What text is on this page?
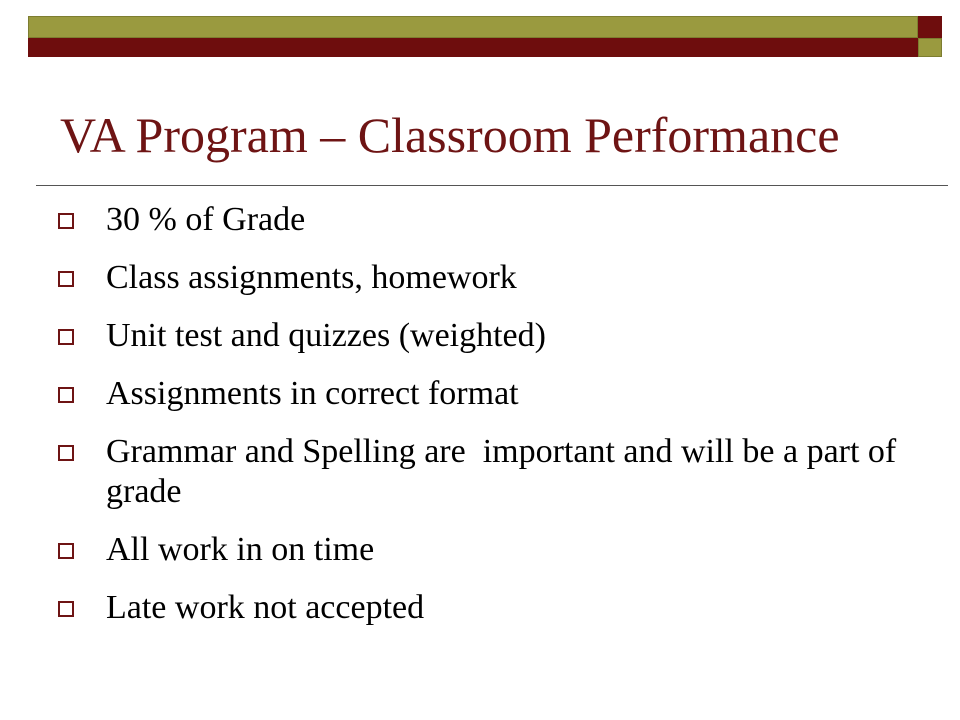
VA Program – Classroom Performance
30 % of Grade
Class assignments, homework
Unit test and quizzes (weighted)
Assignments in correct format
Grammar and Spelling are  important and will be a part of grade
All work in on time
Late work not accepted
